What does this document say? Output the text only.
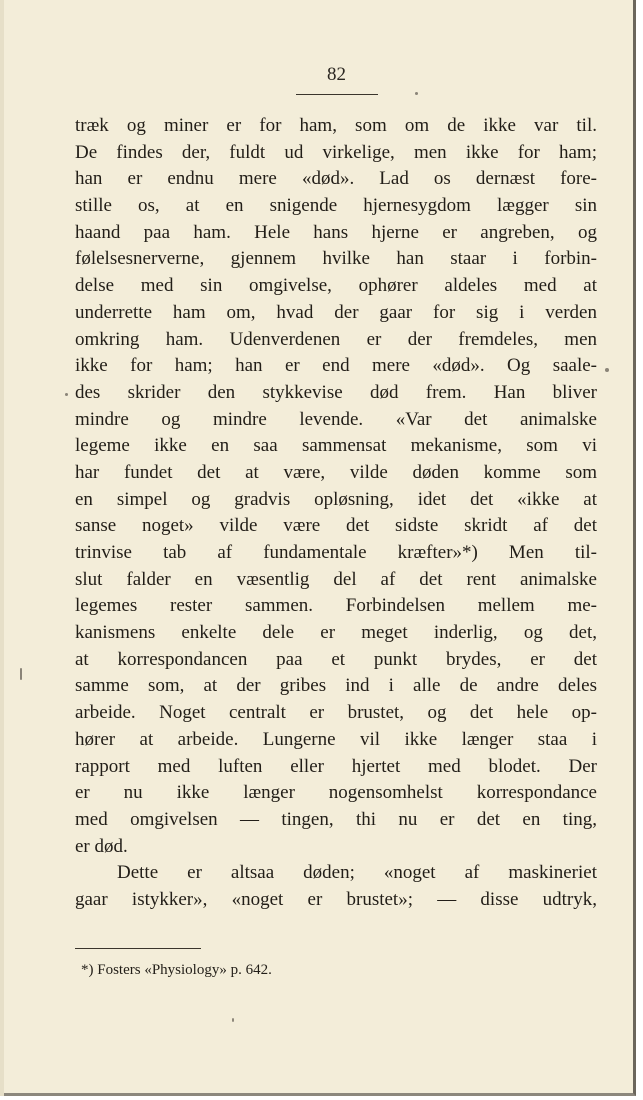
82
træk og miner er for ham, som om de ikke var til.
De findes der, fuldt ud virkelige, men ikke for ham;
han er endnu mere «død». Lad os dernæst fore-
stille os, at en snigende hjernesygdom lægger sin
haand paa ham. Hele hans hjerne er angreben, og
følelsesnerverne, gjennem hvilke han staar i forbin-
delse med sin omgivelse, ophører aldeles med at
underrette ham om, hvad der gaar for sig i verden
omkring ham. Udenverdenen er der fremdeles, men
ikke for ham; han er end mere «død». Og saale-
des skrider den stykkevise død frem. Han bliver
mindre og mindre levende. «Var det animalske
legeme ikke en saa sammensat mekanisme, som vi
har fundet det at være, vilde døden komme som
en simpel og gradvis opløsning, idet det «ikke at
sanse noget» vilde være det sidste skridt af det
trinvise tab af fundamentale kræfter»*) Men til-
slut falder en væsentlig del af det rent animalske
legemes rester sammen. Forbindelsen mellem me-
kanismens enkelte dele er meget inderlig, og det,
at korrespondancen paa et punkt brydes, er det
samme som, at der gribes ind i alle de andre deles
arbeide. Noget centralt er brustet, og det hele op-
hører at arbeide. Lungerne vil ikke længer staa i
rapport med luften eller hjertet med blodet. Der
er nu ikke længer nogensomhelst korrespondance
med omgivelsen — tingen, thi nu er det en ting,
er død.
Dette er altsaa døden; «noget af maskineriet
gaar istykker», «noget er brustet»; — disse udtryk,
*) Fosters «Physiology» p. 642.
